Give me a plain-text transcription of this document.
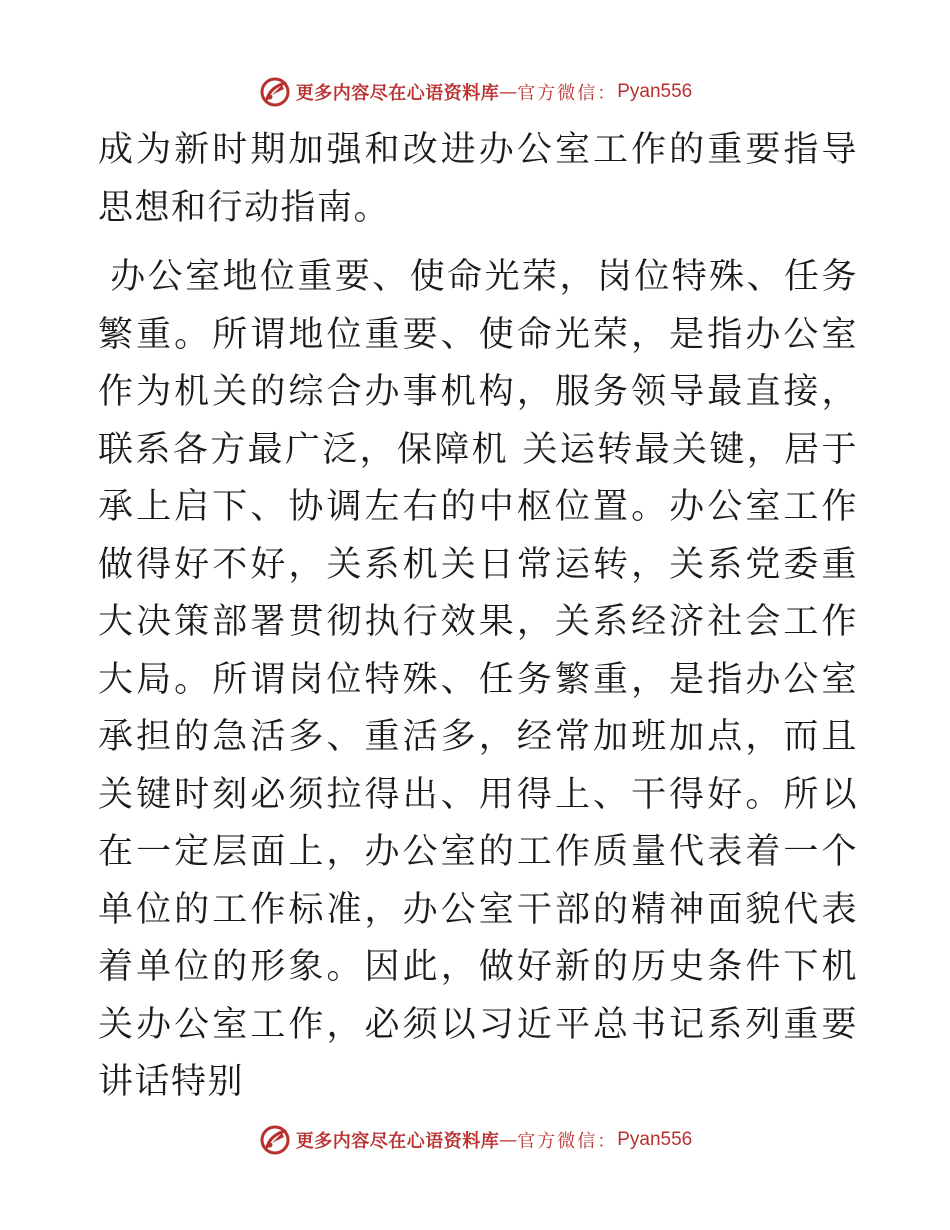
更多内容尽在心语资料库 — 官方微信： Pyan556

成为新时期加强和改进办公室工作的重要指导思想和行动指南。

办公室地位重要、使命光荣，岗位特殊、任务繁重。所谓地位重要、使命光荣，是指办公室作为机关的综合办事机构，服务领导最直接，联系各方最广泛，保障机 关运转最关键，居于承上启下、协调左右的中枢位置。办公室工作做得好不好，关系机关日常运转，关系党委重大决策部署贯彻执行效果，关系经济社会工作大局。所谓岗位特殊、任务繁重，是指办公室承担的急活多、重活多，经常加班加点，而且关键时刻必须拉得出、用得上、干得好。所以在一定层面上，办公室的工作质量代表着一个单位的工作标准，办公室干部的精神面貌代表着单位的形象。因此，做好新的历史条件下机关办公室工作，必须以习近平总书记系列重要讲话特别

更多内容尽在心语资料库 — 官方微信： Pyan556
